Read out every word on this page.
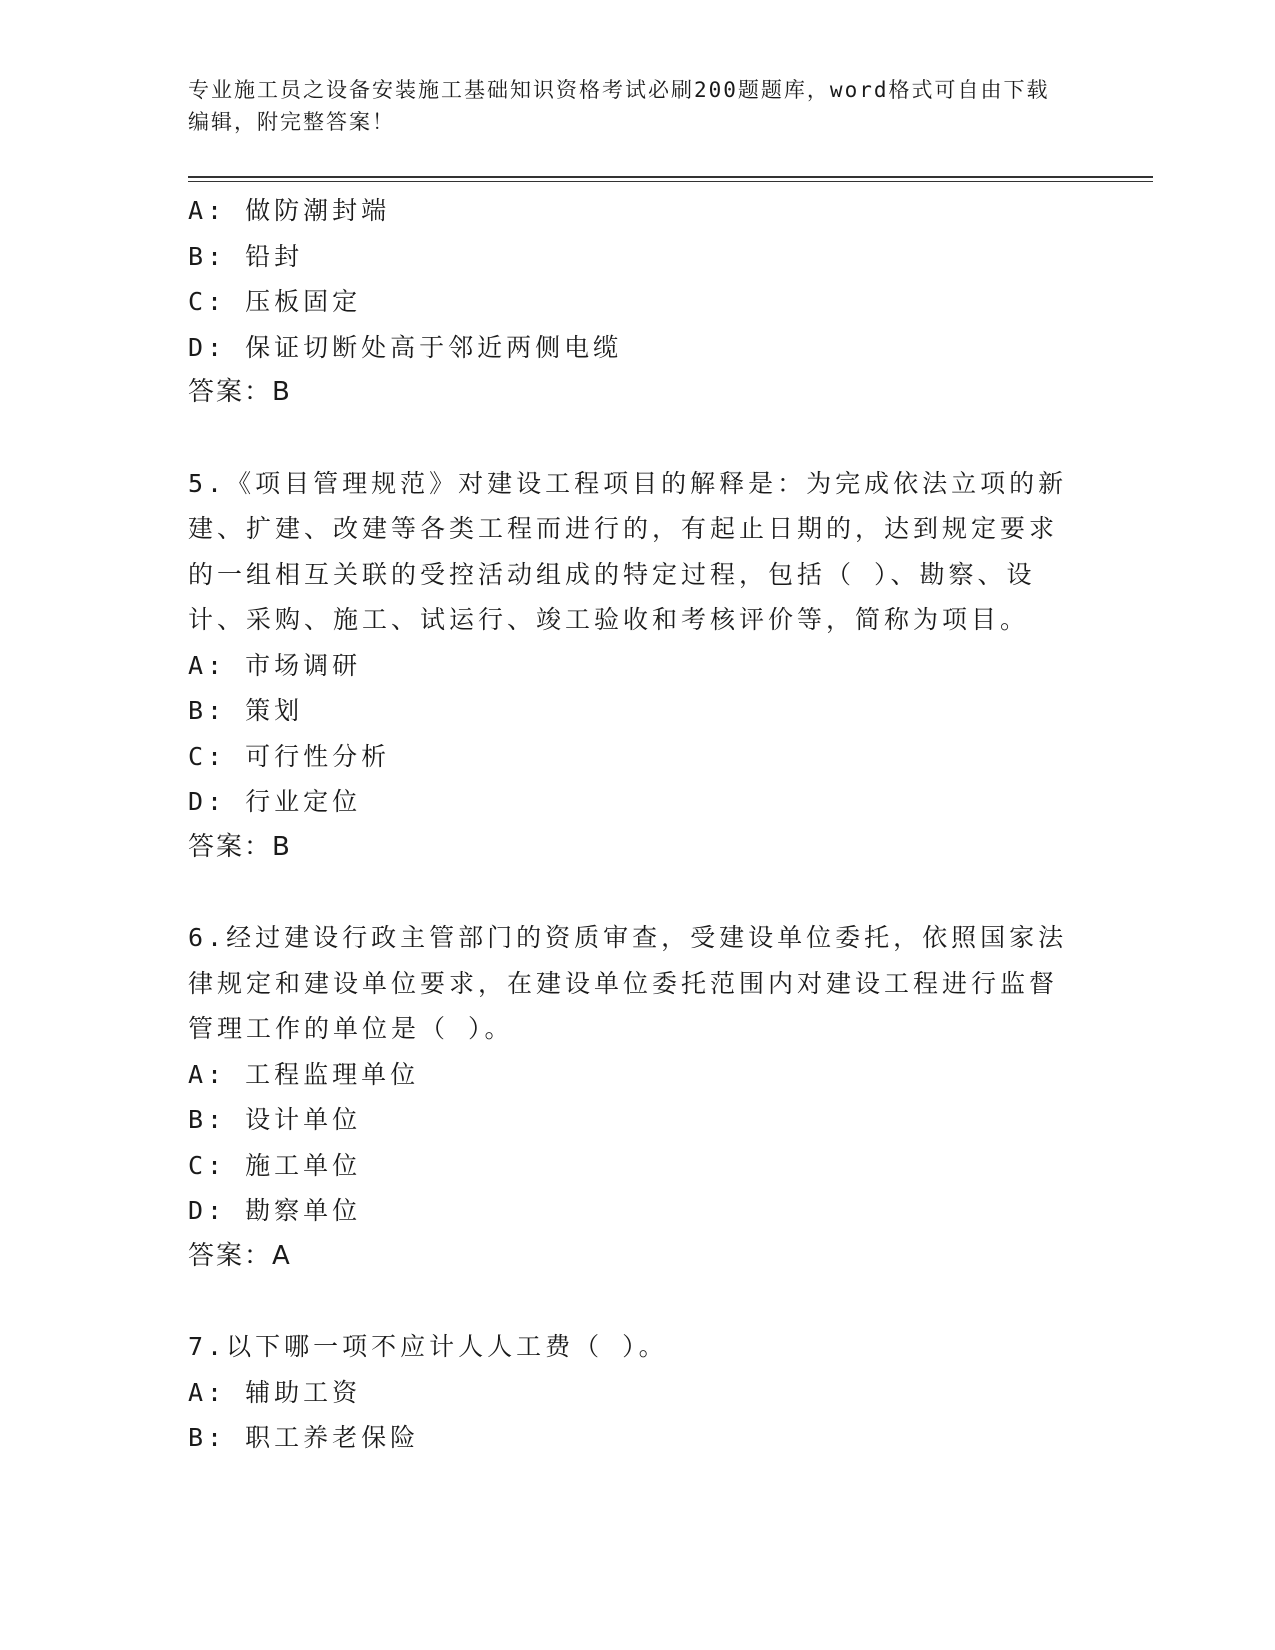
专业施工员之设备安装施工基础知识资格考试必刷200题题库，word格式可自由下载编辑，附完整答案！
A: 做防潮封端
B: 铅封
C: 压板固定
D: 保证切断处高于邻近两侧电缆
答案：B
5.《项目管理规范》对建设工程项目的解释是：为完成依法立项的新建、扩建、改建等各类工程而进行的，有起止日期的，达到规定要求的一组相互关联的受控活动组成的特定过程，包括（ ）、勘察、设计、采购、施工、试运行、竣工验收和考核评价等，简称为项目。
A: 市场调研
B: 策划
C: 可行性分析
D: 行业定位
答案：B
6.经过建设行政主管部门的资质审查，受建设单位委托，依照国家法律规定和建设单位要求，在建设单位委托范围内对建设工程进行监督管理工作的单位是（ ）。
A: 工程监理单位
B: 设计单位
C: 施工单位
D: 勘察单位
答案：A
7.以下哪一项不应计人人工费（ ）。
A: 辅助工资
B: 职工养老保险
